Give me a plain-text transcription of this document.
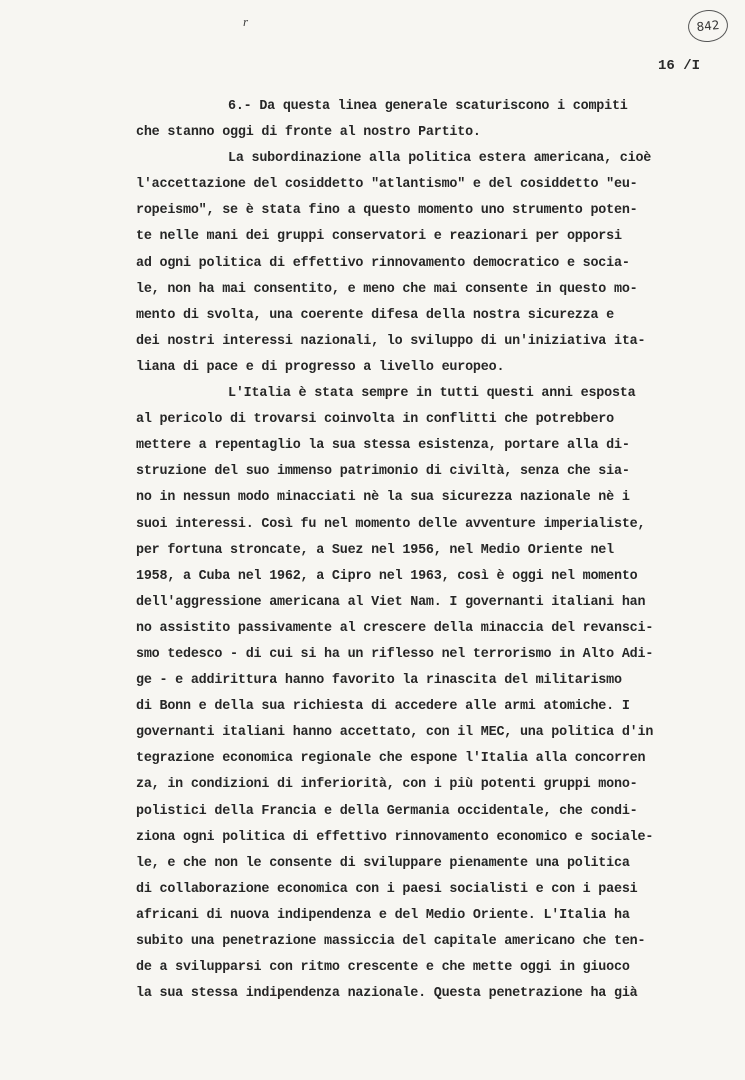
r	842
16 /I
6.- Da questa linea generale scaturiscono i compiti
che stanno oggi di fronte al nostro Partito.
La subordinazione alla politica estera americana, cioè
l'accettazione del cosiddetto "atlantismo" e del cosiddetto "eu-
ropeismo", se è stata fino a questo momento uno strumento poten-
te nelle mani dei gruppi conservatori e reazionari per opporsi
ad ogni politica di effettivo rinnovamento democratico e socia-
le, non ha mai consentito, e meno che mai consente in questo mo-
mento di svolta, una coerente difesa della nostra sicurezza e
dei nostri interessi nazionali, lo sviluppo di un'iniziativa ita-
liana di pace e di progresso a livello europeo.
L'Italia è stata sempre in tutti questi anni esposta
al pericolo di trovarsi coinvolta in conflitti che potrebbero
mettere a repentaglio la sua stessa esistenza, portare alla di-
struzione del suo immenso patrimonio di civiltà, senza che sia-
no in nessun modo minacciati nè la sua sicurezza nazionale nè i
suoi interessi. Così fu nel momento delle avventure imperialiste,
per fortuna stroncate, a Suez nel 1956, nel Medio Oriente nel
1958, a Cuba nel 1962, a Cipro nel 1963, così è oggi nel momento
dell'aggressione americana al Viet Nam. I governanti italiani han
no assistito passivamente al crescere della minaccia del revansci-
smo tedesco - di cui si ha un riflesso nel terrorismo in Alto Adi-
ge - e addirittura hanno favorito la rinascita del militarismo
di Bonn e della sua richiesta di accedere alle armi atomiche. I
governanti italiani hanno accettato, con il MEC, una politica d'in
tegrazione economica regionale che espone l'Italia alla concorren
za, in condizioni di inferiorità, con i più potenti gruppi mono-
polistici della Francia e della Germania occidentale, che condi-
ziona ogni politica di effettivo rinnovamento economico e sociale-
le, e che non le consente di sviluppare pienamente una politica
di collaborazione economica con i paesi socialisti e con i paesi
africani di nuova indipendenza e del Medio Oriente. L'Italia ha
subito una penetrazione massiccia del capitale americano che ten-
de a svilupparsi con ritmo crescente e che mette oggi in giuoco
la sua stessa indipendenza nazionale. Questa penetrazione ha già
